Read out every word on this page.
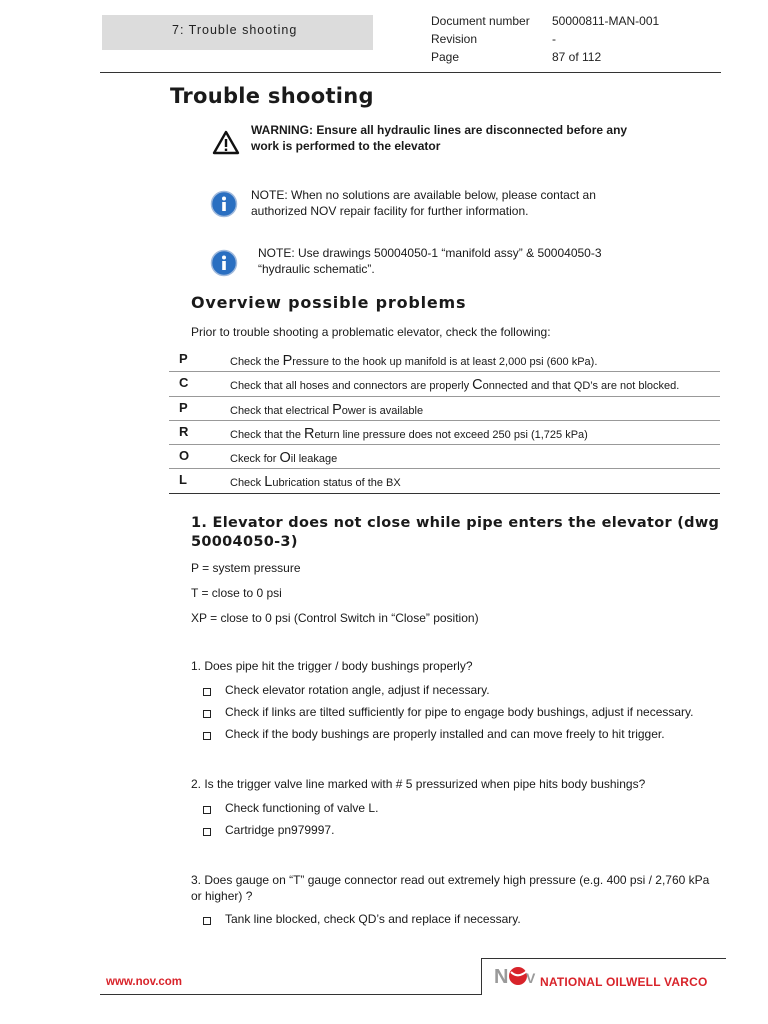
7: Trouble shooting
Document number 50000811-MAN-001
Revision	-
Page	87 of 112
Trouble shooting
WARNING: Ensure all hydraulic lines are disconnected before any work is performed to the elevator
NOTE: When no solutions are available below, please contact an authorized NOV repair facility for further information.
NOTE: Use drawings 50004050-1 “manifold assy” & 50004050-3 “hydraulic schematic”.
Overview possible problems
Prior to trouble shooting a problematic elevator, check the following:
P	Check the Pressure to the hook up manifold is at least 2,000 psi (600 kPa).
C	Check that all hoses and connectors are properly Connected and that QD’s are not blocked.
P	Check that electrical Power is available
R	Check that the Return line pressure does not exceed 250 psi (1,725 kPa)
O	Ckeck for Oil leakage
L	Check Lubrication status of the BX
1. Elevator does not close while pipe enters the elevator (dwg 50004050-3)
P = system pressure
T = close to 0 psi
XP = close to 0 psi (Control Switch in “Close” position)
1. Does pipe hit the trigger / body bushings properly?
Check elevator rotation angle, adjust if necessary.
Check if links are tilted sufficiently for pipe to engage body bushings, adjust if necessary.
Check if the body bushings are properly installed and can move freely to hit trigger.
2. Is the trigger valve line marked with # 5 pressurized when pipe hits body bushings?
Check functioning of valve L.
Cartridge pn979997.
3. Does gauge on “T” gauge connector read out extremely high pressure (e.g. 400 psi / 2,760 kPa or higher) ?
Tank line blocked, check QD’s and replace if necessary.
www.nov.com	N V NATIONAL OILWELL VARCO
